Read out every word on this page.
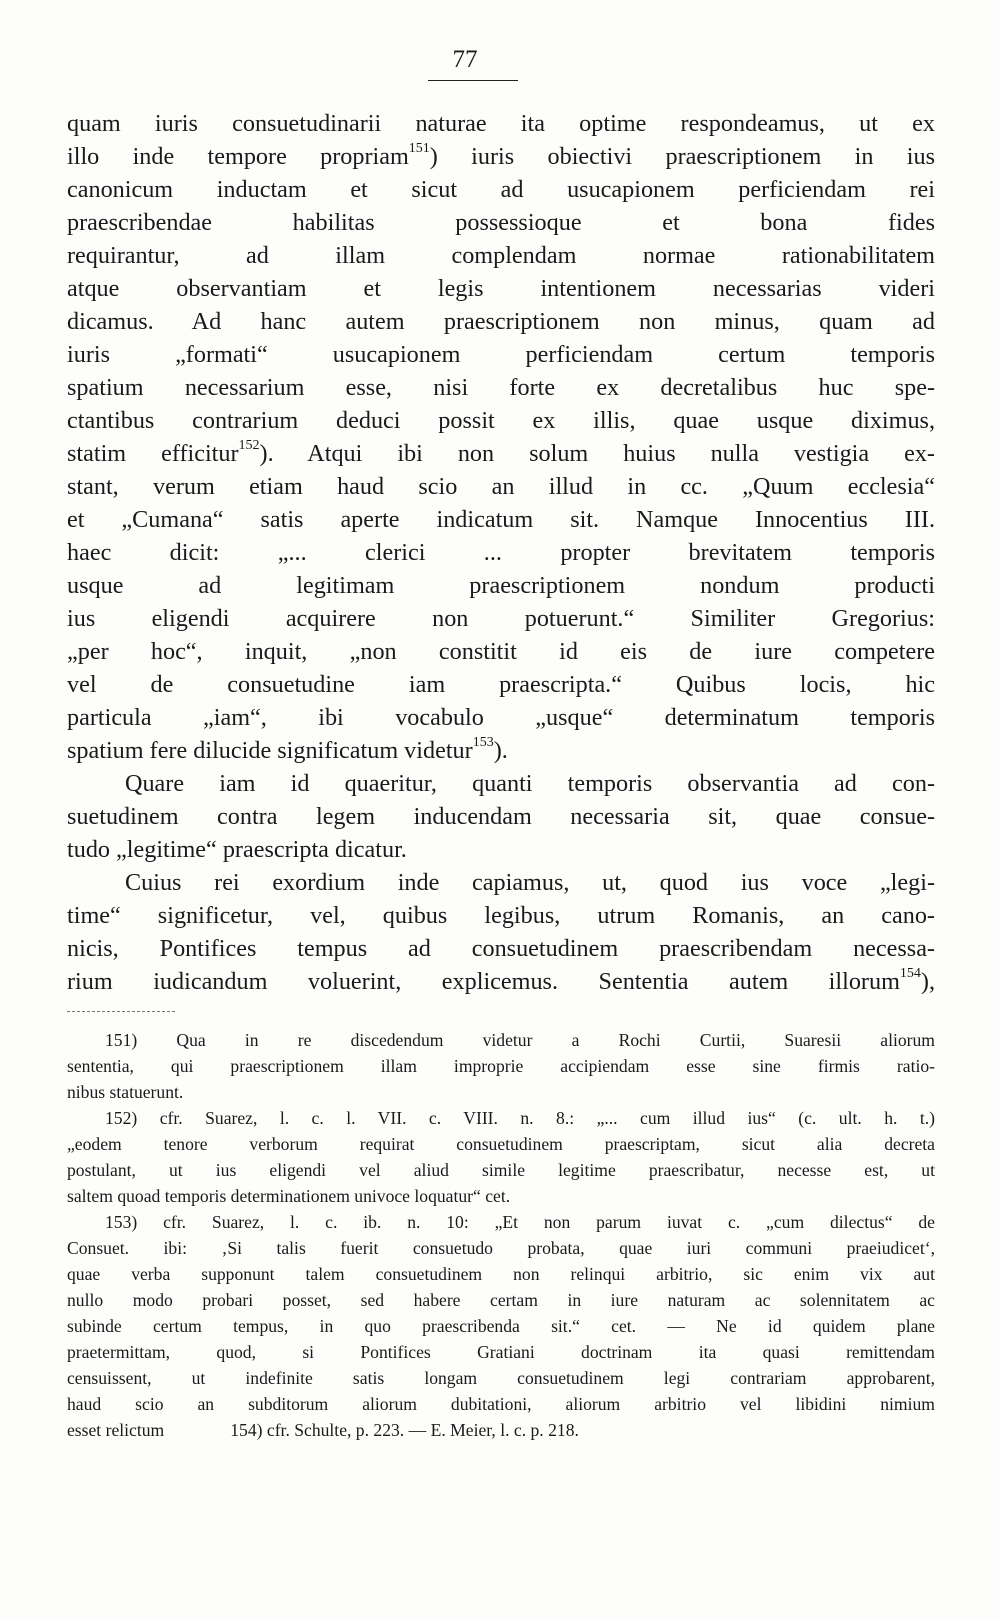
77
quam iuris consuetudinarii naturae ita optime respondeamus, ut ex
illo inde tempore propriam$^{151}$) iuris obiectivi praescriptionem in ius
canonicum inductam et sicut ad usucapionem perficiendam rei
praescribendae habilitas possessioque et bona fides
requirantur, ad illam complendam normae rationabilitatem
atque observantiam et legis intentionem necessarias videri
dicamus. Ad hanc autem praescriptionem non minus, quam ad
iuris „formati“ usucapionem perficiendam certum temporis
spatium necessarium esse, nisi forte ex decretalibus huc spe-
ctantibus contrarium deduci possit ex illis, quae usque diximus,
statim efficitur$^{152}$). Atqui ibi non solum huius nulla vestigia ex-
stant, verum etiam haud scio an illud in cc. „Quum ecclesia“
et „Cumana“ satis aperte indicatum sit. Namque Innocentius III.
haec dicit: „... clerici ... propter brevitatem temporis
usque ad legitimam praescriptionem nondum producti
ius eligendi acquirere non potuerunt.“ Similiter Gregorius:
„per hoc“, inquit, „non constitit id eis de iure competere
vel de consuetudine iam praescripta.“ Quibus locis, hic
particula „iam“, ibi vocabulo „usque“ determinatum temporis
spatium fere dilucide significatum videtur$^{153}$).
Quare iam id quaeritur, quanti temporis observantia ad con-
suetudinem contra legem inducendam necessaria sit, quae consue-
tudo „legitime“ praescripta dicatur.
Cuius rei exordium inde capiamus, ut, quod ius voce „legi-
time“ significetur, vel, quibus legibus, utrum Romanis, an cano-
nicis, Pontifices tempus ad consuetudinem praescribendam necessa-
rium iudicandum voluerint, explicemus. Sententia autem illorum$^{154}$),
151) Qua in re discedendum videtur a Rochi Curtii, Suaresii aliorum
sententia, qui praescriptionem illam improprie accipiendam esse sine firmis ratio-
nibus statuerunt.
152) cfr. Suarez, l. c. l. VII. c. VIII. n. 8.: „... cum illud ius“ (c. ult. h. t.)
„eodem tenore verborum requirat consuetudinem praescriptam, sicut alia decreta
postulant, ut ius eligendi vel aliud simile legitime praescribatur, necesse est, ut
saltem quoad temporis determinationem univoce loquatur“ cet.
153) cfr. Suarez, l. c. ib. n. 10: „Et non parum iuvat c. „cum dilectus“ de
Consuet. ibi: ‚Si talis fuerit consuetudo probata, quae iuri communi praeiudicet‘,
quae verba supponunt talem consuetudinem non relinqui arbitrio, sic enim vix aut
nullo modo probari posset, sed habere certam in iure naturam ac solennitatem ac
subinde certum tempus, in quo praescribenda sit.“ cet. — Ne id quidem plane
praetermittam, quod, si Pontifices Gratiani doctrinam ita quasi remittendam
censuissent, ut indefinite satis longam consuetudinem legi contrariam approbarent,
haud scio an subditorum aliorum dubitationi, aliorum arbitrio vel libidini nimium
esset relictum	154) cfr. Schulte, p. 223. — E. Meier, l. c. p. 218.
